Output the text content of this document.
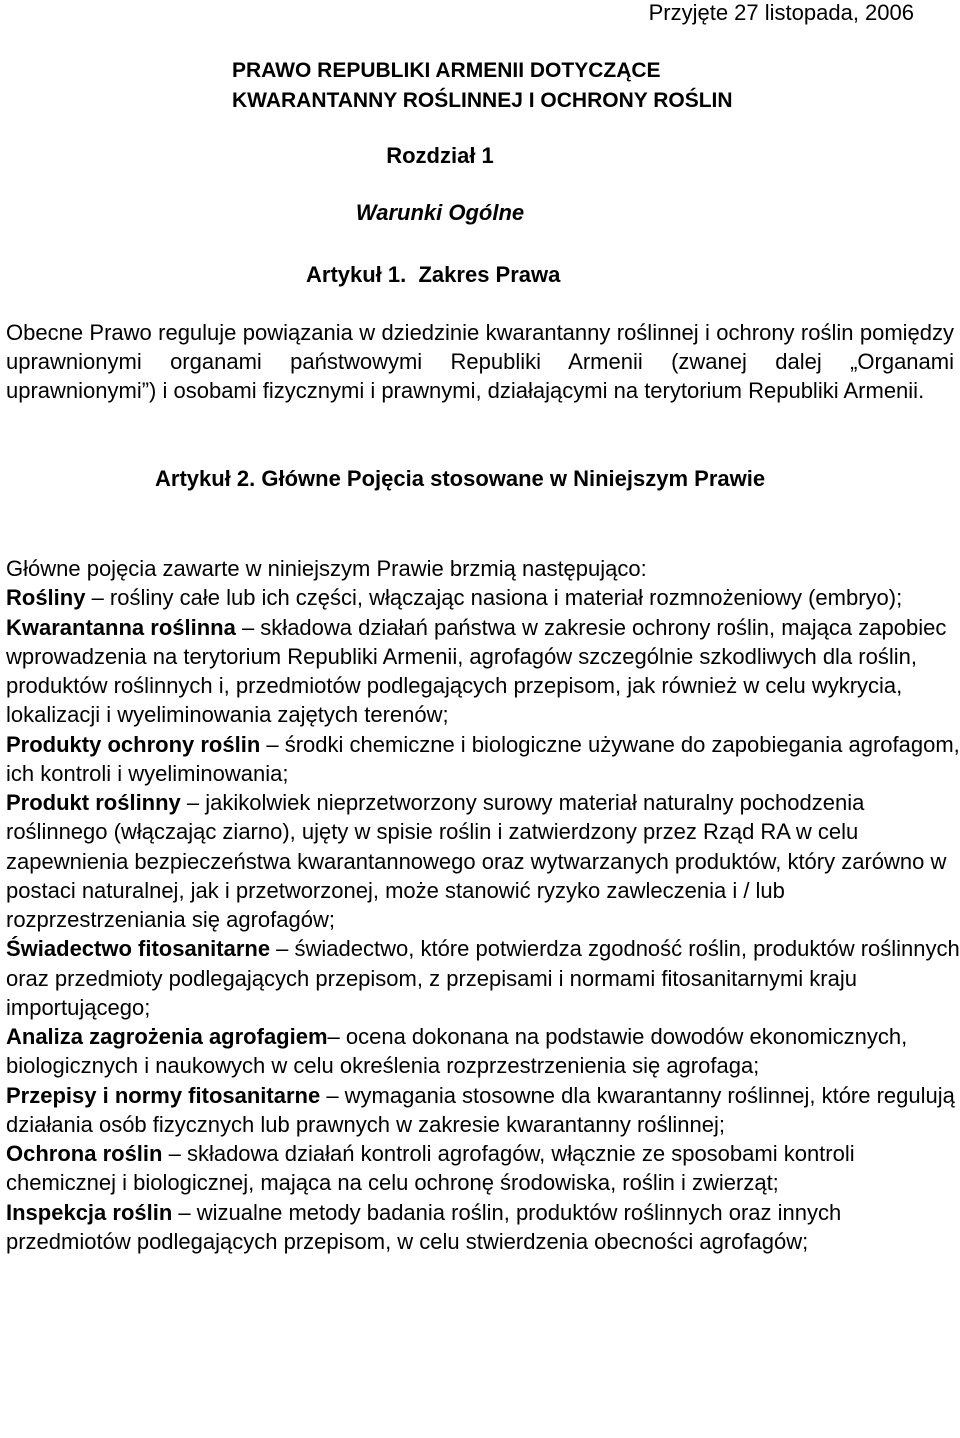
Przyjęte 27 listopada, 2006
PRAWO REPUBLIKI ARMENII DOTYCZĄCE
KWARANTANNY ROŚLINNEJ I OCHRONY ROŚLIN
Rozdział 1
Warunki Ogólne
Artykuł 1.  Zakres Prawa
Obecne Prawo reguluje powiązania w dziedzinie kwarantanny roślinnej i ochrony roślin pomiędzy uprawnionymi organami państwowymi Republiki Armenii (zwanej dalej „Organami uprawnionymi”) i osobami fizycznymi i prawnymi, działającymi na terytorium Republiki Armenii.
Artykuł 2. Główne Pojęcia stosowane w Niniejszym Prawie

Główne pojęcia zawarte w niniejszym Prawie brzmią następująco:

Rośliny – rośliny całe lub ich części, włączając nasiona i materiał rozmnożeniowy (embryo);

Kwarantanna roślinna – składowa działań państwa w zakresie ochrony roślin, mająca zapobiec wprowadzenia na terytorium Republiki Armenii, agrofagów szczególnie szkodliwych dla roślin, produktów roślinnych i, przedmiotów podlegających przepisom, jak również w celu wykrycia, lokalizacji i wyeliminowania zajętych terenów;

Produkty ochrony roślin – środki chemiczne i biologiczne używane do zapobiegania agrofagom, ich kontroli i wyeliminowania;

Produkt roślinny – jakikolwiek nieprzetworzony surowy materiał naturalny pochodzenia roślinnego (włączając ziarno), ujęty w spisie roślin i zatwierdzony przez Rząd RA w celu zapewnienia bezpieczeństwa kwarantannowego oraz wytwarzanych produktów, który zarówno w postaci naturalnej, jak i przetworzonej, może stanowić ryzyko zawleczenia i / lub rozprzestrzeniania się agrofagów;

Świadectwo fitosanitarne – świadectwo, które potwierdza zgodność roślin, produktów roślinnych oraz przedmioty podlegających przepisom, z przepisami i normami fitosanitarnymi kraju importującego;

Analiza zagrożenia agrofagiem– ocena dokonana na podstawie dowodów ekonomicznych, biologicznych i naukowych w celu określenia rozprzestrzenienia się agrofaga;

Przepisy i normy fitosanitarne – wymagania stosowne dla kwarantanny roślinnej, które regulują działania osób fizycznych lub prawnych w zakresie kwarantanny roślinnej;

Ochrona roślin – składowa działań kontroli agrofagów, włącznie ze sposobami kontroli chemicznej i biologicznej, mająca na celu ochronę środowiska, roślin i zwierząt;

Inspekcja roślin – wizualne metody badania roślin, produktów roślinnych oraz innych przedmiotów podlegających przepisom, w celu stwierdzenia obecności agrofagów;
